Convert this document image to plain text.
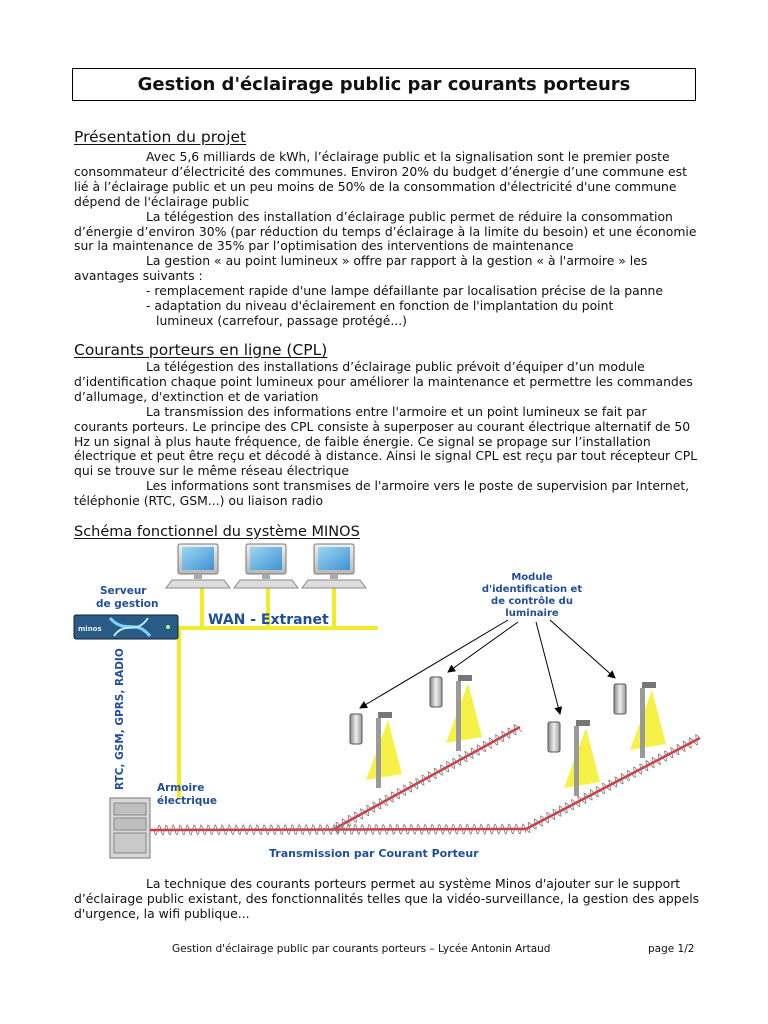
Gestion d'éclairage public par courants porteurs
Présentation du projet

Avec 5,6 milliards de kWh, l’éclairage public et la signalisation sont le premier poste consommateur d’électricité des communes. Environ 20% du budget d’énergie d’une commune est lié à l’éclairage public et un peu moins de 50% de la consommation d'électricité d'une commune dépend de l'éclairage public

La télégestion des installation d’éclairage public permet de réduire la consommation d’énergie d’environ 30% (par réduction du temps d’éclairage à la limite du besoin) et une économie sur la maintenance de 35% par l’optimisation des interventions de maintenance

La gestion « au point lumineux » offre par rapport à la gestion « à l'armoire » les avantages suivants :

- remplacement rapide d'une lampe défaillante par localisation précise de la panne

- adaptation du niveau d'éclairement en fonction de l'implantation du point

lumineux (carrefour, passage protégé...)

Courants porteurs en ligne (CPL)

La télégestion des installations d’éclairage public prévoit d’équiper d’un module d’identification chaque point lumineux pour améliorer la maintenance et permettre les commandes d’allumage, d'extinction et de variation

La transmission des informations entre l'armoire et un point lumineux se fait par courants porteurs. Le principe des CPL consiste à superposer au courant électrique alternatif de 50 Hz un signal à plus haute fréquence, de faible énergie. Ce signal se propage sur l’installation électrique et peut être reçu et décodé à distance. Ainsi le signal CPL est reçu par tout récepteur CPL qui se trouve sur le même réseau électrique

Les informations sont transmises de l'armoire vers le poste de supervision par Internet, téléphonie (RTC, GSM...) ou liaison radio

Schéma fonctionnel du système MINOS
Serveur
de gestion
minos
WAN - Extranet
RTC, GSM, GPRS, RADIO	Armoire
électrique
Module
d'identification et
de contrôle du
luminaire
Transmission par Courant Porteur

La technique des courants porteurs permet au système Minos d'ajouter sur le support d’éclairage public existant, des fonctionnalités telles que la vidéo-surveillance, la gestion des appels d'urgence, la wifi publique...

Gestion d'éclairage public par courants porteurs – Lycée Antonin Artaud	page 1/2
